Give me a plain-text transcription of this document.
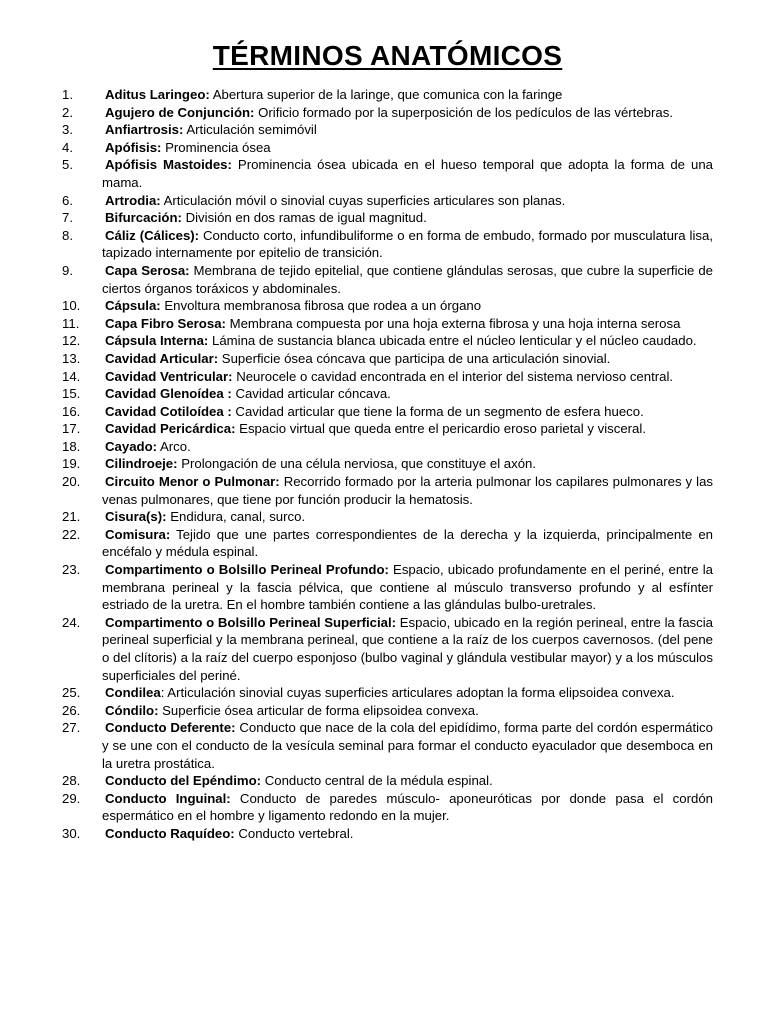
TÉRMINOS ANATÓMICOS
1.	Aditus Laringeo: Abertura superior de la laringe, que comunica con la faringe
2.	Agujero de Conjunción: Orificio formado por la superposición de los pedículos de las vértebras.
3.	Anfiartrosis: Articulación semimóvil
4.	Apófisis: Prominencia ósea
5.	Apófisis Mastoides: Prominencia ósea ubicada en el hueso temporal que adopta la forma de una mama.
6.	Artrodia: Articulación móvil o sinovial cuyas superficies articulares son planas.
7.	Bifurcación: División en dos ramas de igual magnitud.
8.	Cáliz (Cálices): Conducto corto, infundibuliforme o en forma de embudo, formado por musculatura lisa, tapizado internamente por epitelio de transición.
9.	Capa Serosa: Membrana de tejido epitelial, que contiene glándulas serosas, que cubre la superficie de ciertos órganos toráxicos y abdominales.
10.	Cápsula: Envoltura membranosa fibrosa que rodea a un órgano
11.	Capa Fibro Serosa: Membrana compuesta por una hoja externa fibrosa y una hoja interna serosa
12.	Cápsula Interna: Lámina de sustancia blanca ubicada entre el núcleo lenticular y el núcleo caudado.
13.	Cavidad Articular: Superficie ósea cóncava que participa de una articulación sinovial.
14.	Cavidad Ventricular: Neurocele o cavidad encontrada en el interior del sistema nervioso central.
15.	Cavidad Glenoídea : Cavidad articular cóncava.
16.	Cavidad Cotiloídea : Cavidad articular que tiene la forma de un segmento de esfera hueco.
17.	Cavidad Pericárdica: Espacio virtual que queda entre el pericardio eroso parietal y visceral.
18.	Cayado: Arco.
19.	Cilindroeje: Prolongación de una célula nerviosa, que constituye el axón.
20.	Circuito Menor o Pulmonar: Recorrido formado por la arteria pulmonar los capilares pulmonares y las venas pulmonares, que tiene por función producir la hematosis.
21.	Cisura(s): Endidura, canal, surco.
22.	Comisura: Tejido que une partes correspondientes de la derecha y la izquierda, principalmente en encéfalo y médula espinal.
23.	Compartimento o Bolsillo Perineal Profundo: Espacio, ubicado profundamente en el periné, entre la membrana perineal y la fascia pélvica, que contiene al músculo transverso profundo y al esfínter estriado de la uretra. En el hombre también contiene a las glándulas bulbo-uretrales.
24.	Compartimento o Bolsillo Perineal Superficial: Espacio, ubicado en la región perineal, entre la fascia perineal superficial y la membrana perineal, que contiene a la raíz de los cuerpos cavernosos. (del pene o del clítoris) a la raíz del cuerpo esponjoso (bulbo vaginal y glándula vestibular mayor) y a los músculos superficiales del periné.
25.	Condilea: Articulación sinovial cuyas superficies articulares adoptan la forma elipsoidea convexa.
26.	Cóndilo: Superficie ósea articular de forma elipsoidea convexa.
27.	Conducto Deferente: Conducto que nace de la cola del epidídimo, forma parte del cordón espermático y se une con el conducto de la vesícula seminal para formar el conducto eyaculador que desemboca en la uretra prostática.
28.	Conducto del Epéndimo: Conducto central de la médula espinal.
29.	Conducto Inguinal: Conducto de paredes músculo- aponeuróticas por donde pasa el cordón espermático en el hombre y ligamento redondo en la mujer.
30.	Conducto Raquídeo: Conducto vertebral.
